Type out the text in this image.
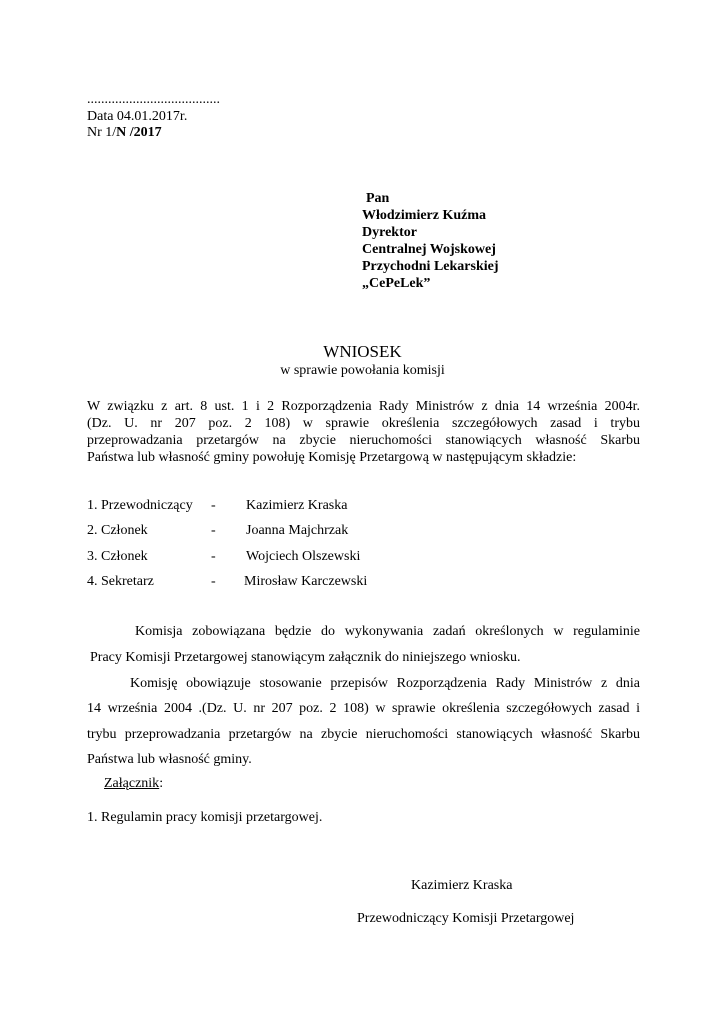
......................................
Data 04.01.2017r.
Nr 1/N /2017
Pan
Włodzimierz Kuźma
Dyrektor
Centralnej Wojskowej
Przychodni Lekarskiej
„CePeLek”
WNIOSEK
w sprawie powołania komisji
W związku z art. 8 ust. 1 i 2 Rozporządzenia Rady Ministrów z dnia 14 września 2004r.
(Dz. U. nr 207 poz. 2 108) w sprawie określenia szczegółowych zasad i trybu
przeprowadzania przetargów na zbycie nieruchomości stanowiących własność Skarbu
Państwa lub własność gminy powołuję Komisję Przetargową w następującym składzie:
1. Przewodniczący - Kazimierz Kraska
2. Członek	- Joanna Majchrzak
3. Członek	- Wojciech Olszewski
4. Sekretarz	- Mirosław Karczewski
Komisja zobowiązana będzie do wykonywania zadań określonych w regulaminie
Pracy Komisji Przetargowej stanowiącym załącznik do niniejszego wniosku.
Komisję obowiązuje stosowanie przepisów Rozporządzenia Rady Ministrów z dnia
14 września 2004 .(Dz. U. nr 207 poz. 2 108) w sprawie określenia szczegółowych zasad i
trybu przeprowadzania przetargów na zbycie nieruchomości stanowiących własność Skarbu
Państwa lub własność gminy.
Załącznik:
1. Regulamin pracy komisji przetargowej.
Kazimierz Kraska
Przewodniczący Komisji Przetargowej
